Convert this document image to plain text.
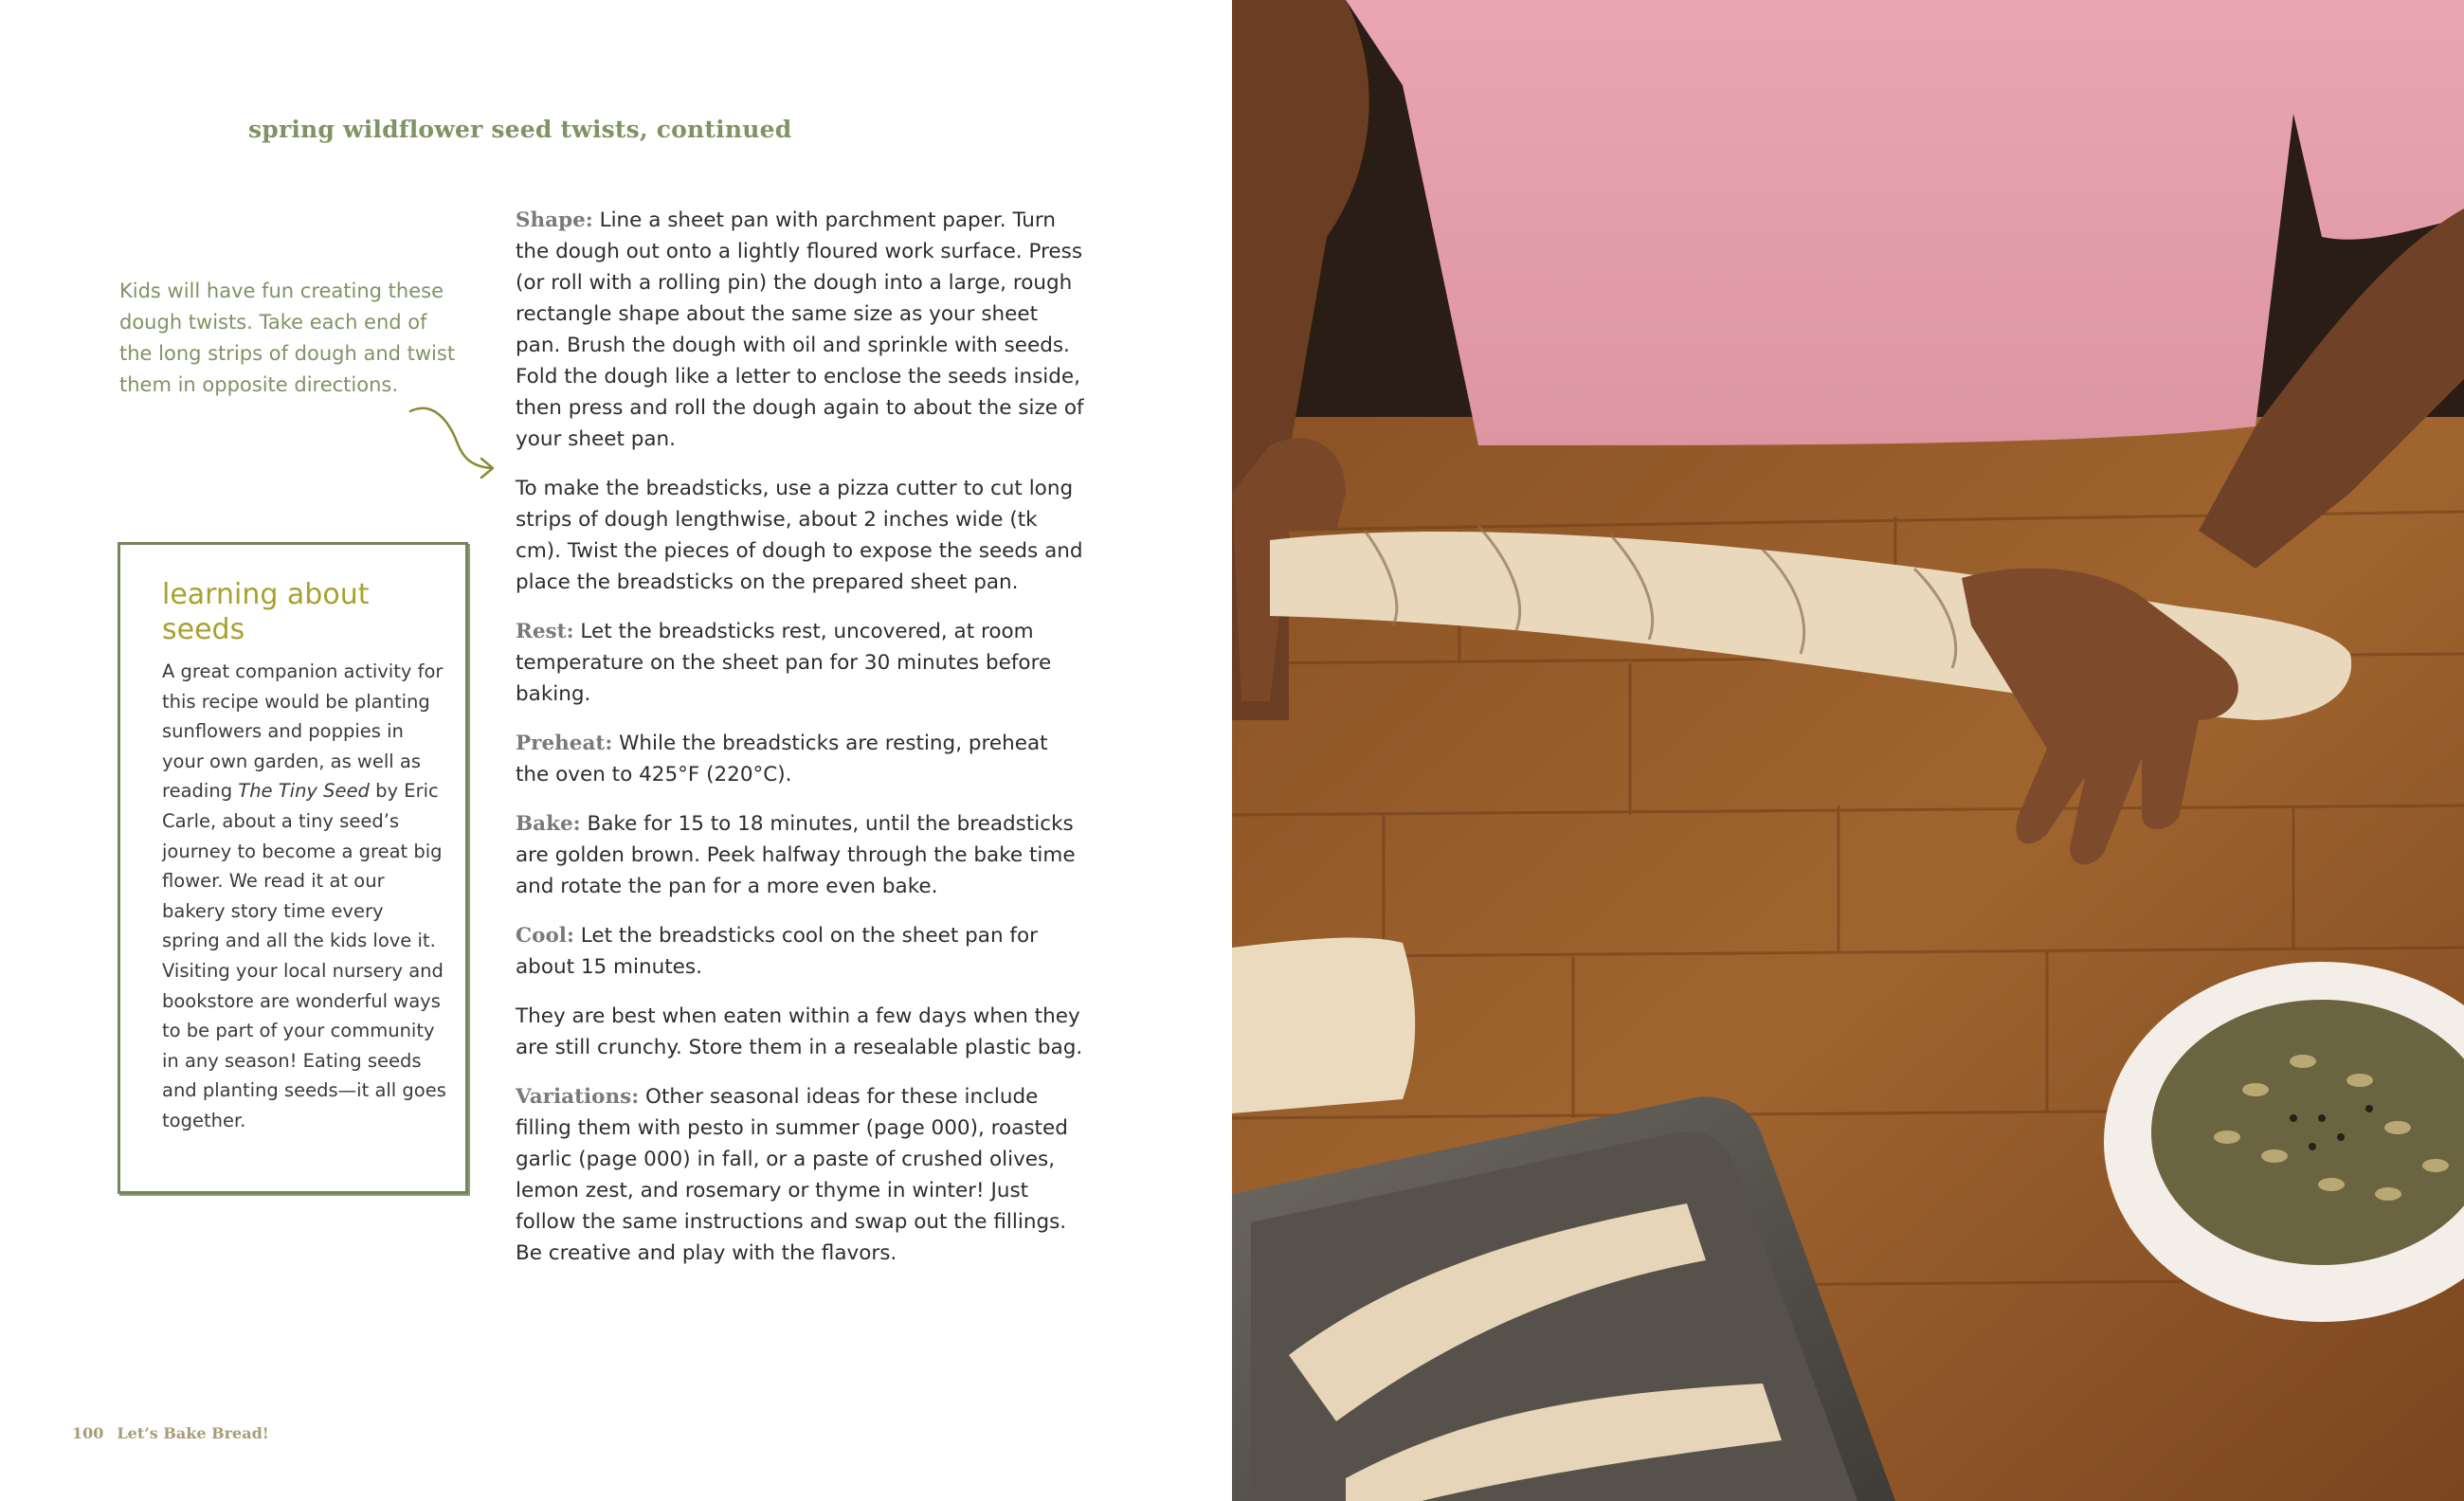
spring wildflower seed twists, continued
Kids will have fun creating these dough twists. Take each end of the long strips of dough and twist them in opposite directions.
learning about seeds
A great companion activity for this recipe would be planting sunflowers and poppies in your own garden, as well as reading The Tiny Seed by Eric Carle, about a tiny seed’s journey to become a great big flower. We read it at our bakery story time every spring and all the kids love it. Visiting your local nursery and bookstore are wonderful ways to be part of your community in any season! Eating seeds and planting seeds—it all goes together.

Shape: Line a sheet pan with parchment paper. Turn the dough out onto a lightly floured work surface. Press (or roll with a rolling pin) the dough into a large, rough rectangle shape about the same size as your sheet pan. Brush the dough with oil and sprinkle with seeds. Fold the dough like a letter to enclose the seeds inside, then press and roll the dough again to about the size of your sheet pan.

To make the breadsticks, use a pizza cutter to cut long strips of dough lengthwise, about 2 inches wide (tk cm). Twist the pieces of dough to expose the seeds and place the breadsticks on the prepared sheet pan.

Rest: Let the breadsticks rest, uncovered, at room temperature on the sheet pan for 30 minutes before baking.

Preheat: While the breadsticks are resting, preheat the oven to 425°F (220°C).

Bake: Bake for 15 to 18 minutes, until the breadsticks are golden brown. Peek halfway through the bake time and rotate the pan for a more even bake.

Cool: Let the breadsticks cool on the sheet pan for about 15 minutes.

They are best when eaten within a few days when they are still crunchy. Store them in a resealable plastic bag.

Variations: Other seasonal ideas for these include filling them with pesto in summer (page 000), roasted garlic (page 000) in fall, or a paste of crushed olives, lemon zest, and rosemary or thyme in winter! Just follow the same instructions and swap out the fillings. Be creative and play with the flavors.

100 Let’s Bake Bread!
